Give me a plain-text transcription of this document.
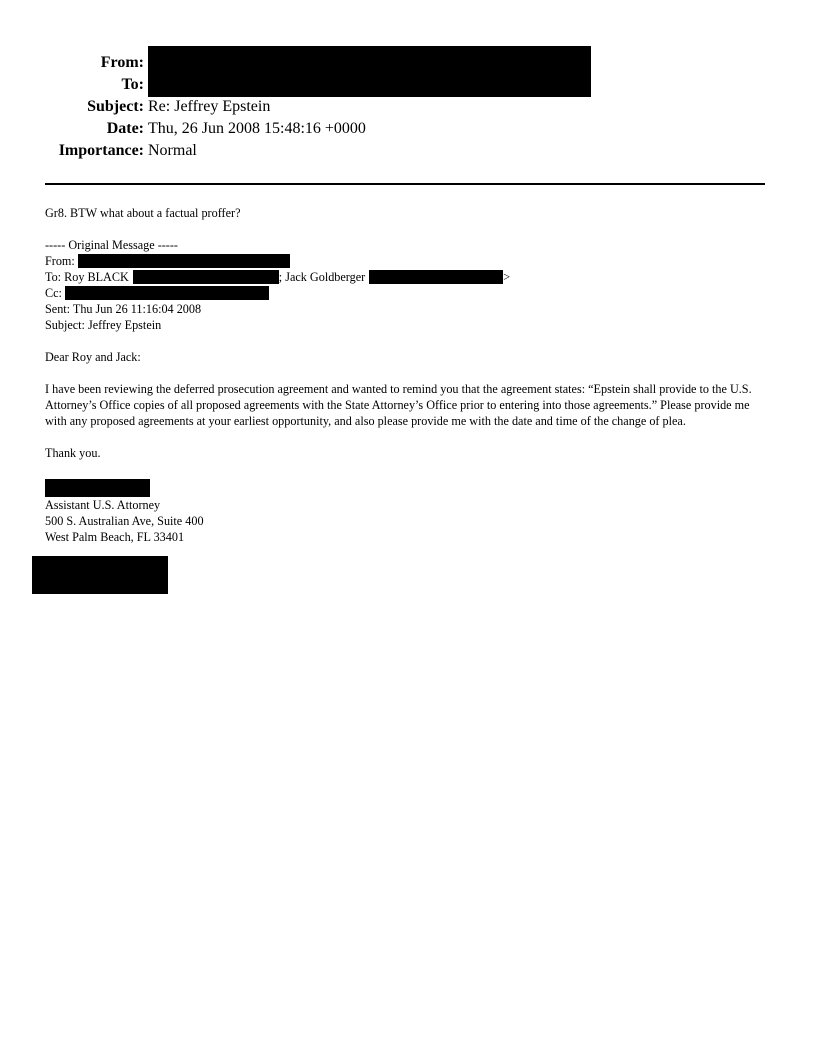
From:
To:
Subject: Re: Jeffrey Epstein
Date: Thu, 26 Jun 2008 15:48:16 +0000
Importance: Normal

Gr8. BTW what about a factual proffer?

----- Original Message -----

From:

To: Roy BLACK	; Jack Goldberger	>

Cc:

Sent: Thu Jun 26 11:16:04 2008

Subject: Jeffrey Epstein

Dear Roy and Jack:

I have been reviewing the deferred prosecution agreement and wanted to remind you that the agreement states: “Epstein shall provide to the U.S. Attorney’s Office copies of all proposed agreements with the State Attorney’s Office prior to entering into those agreements.” Please provide me with any proposed agreements at your earliest opportunity, and also please provide me with the date and time of the change of plea.

Thank you.

Assistant U.S. Attorney

500 S. Australian Ave, Suite 400

West Palm Beach, FL 33401
